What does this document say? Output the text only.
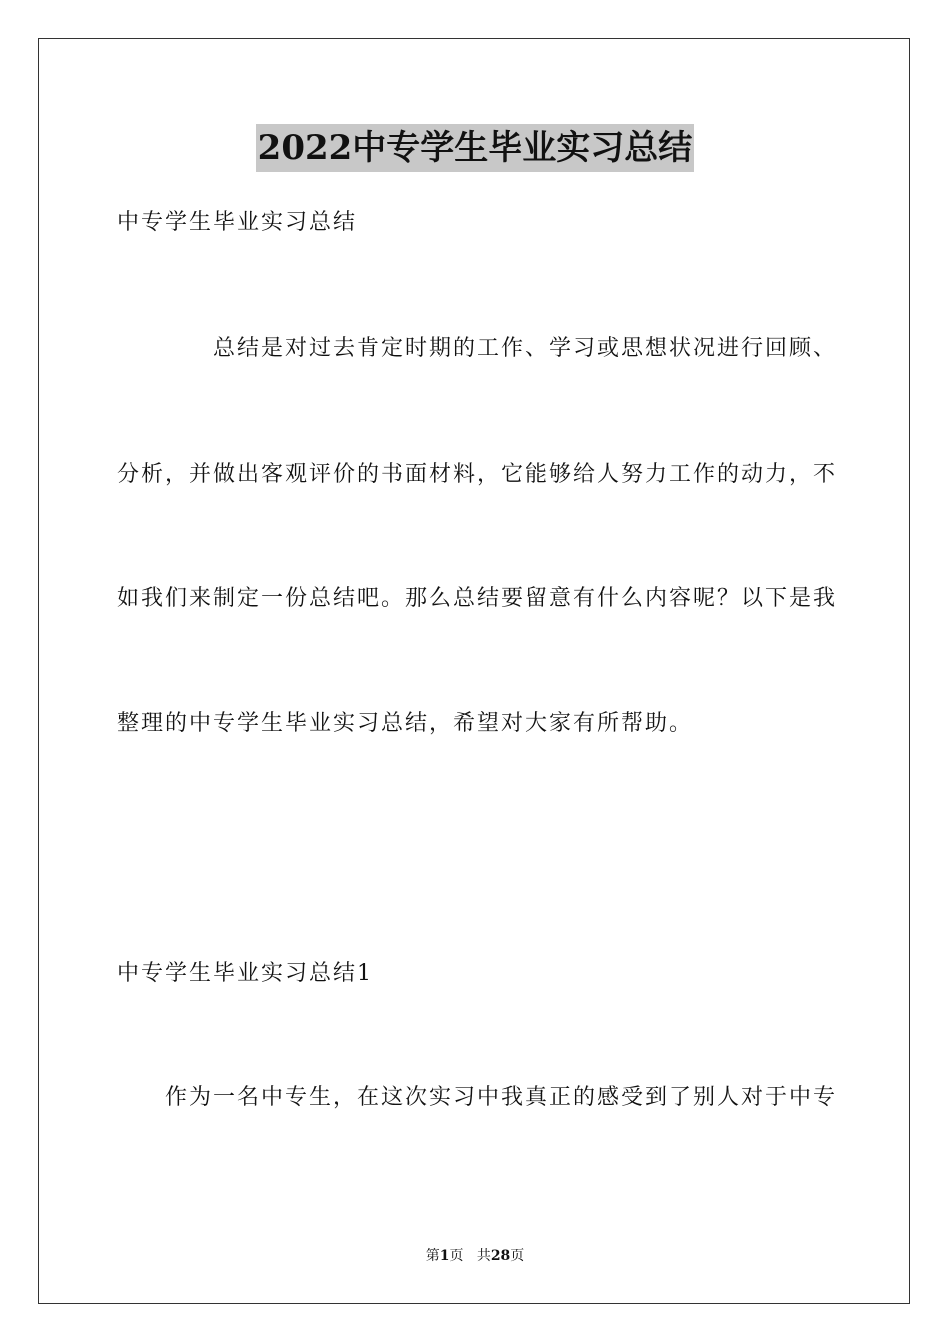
2022中专学生毕业实习总结
中专学生毕业实习总结
总结是对过去肯定时期的工作、学习或思想状况进行回顾、
分析，并做出客观评价的书面材料，它能够给人努力工作的动力，不
如我们来制定一份总结吧。那么总结要留意有什么内容呢？以下是我
整理的中专学生毕业实习总结，希望对大家有所帮助。
中专学生毕业实习总结1
作为一名中专生，在这次实习中我真正的感受到了别人对于中专
第1页 共28页
